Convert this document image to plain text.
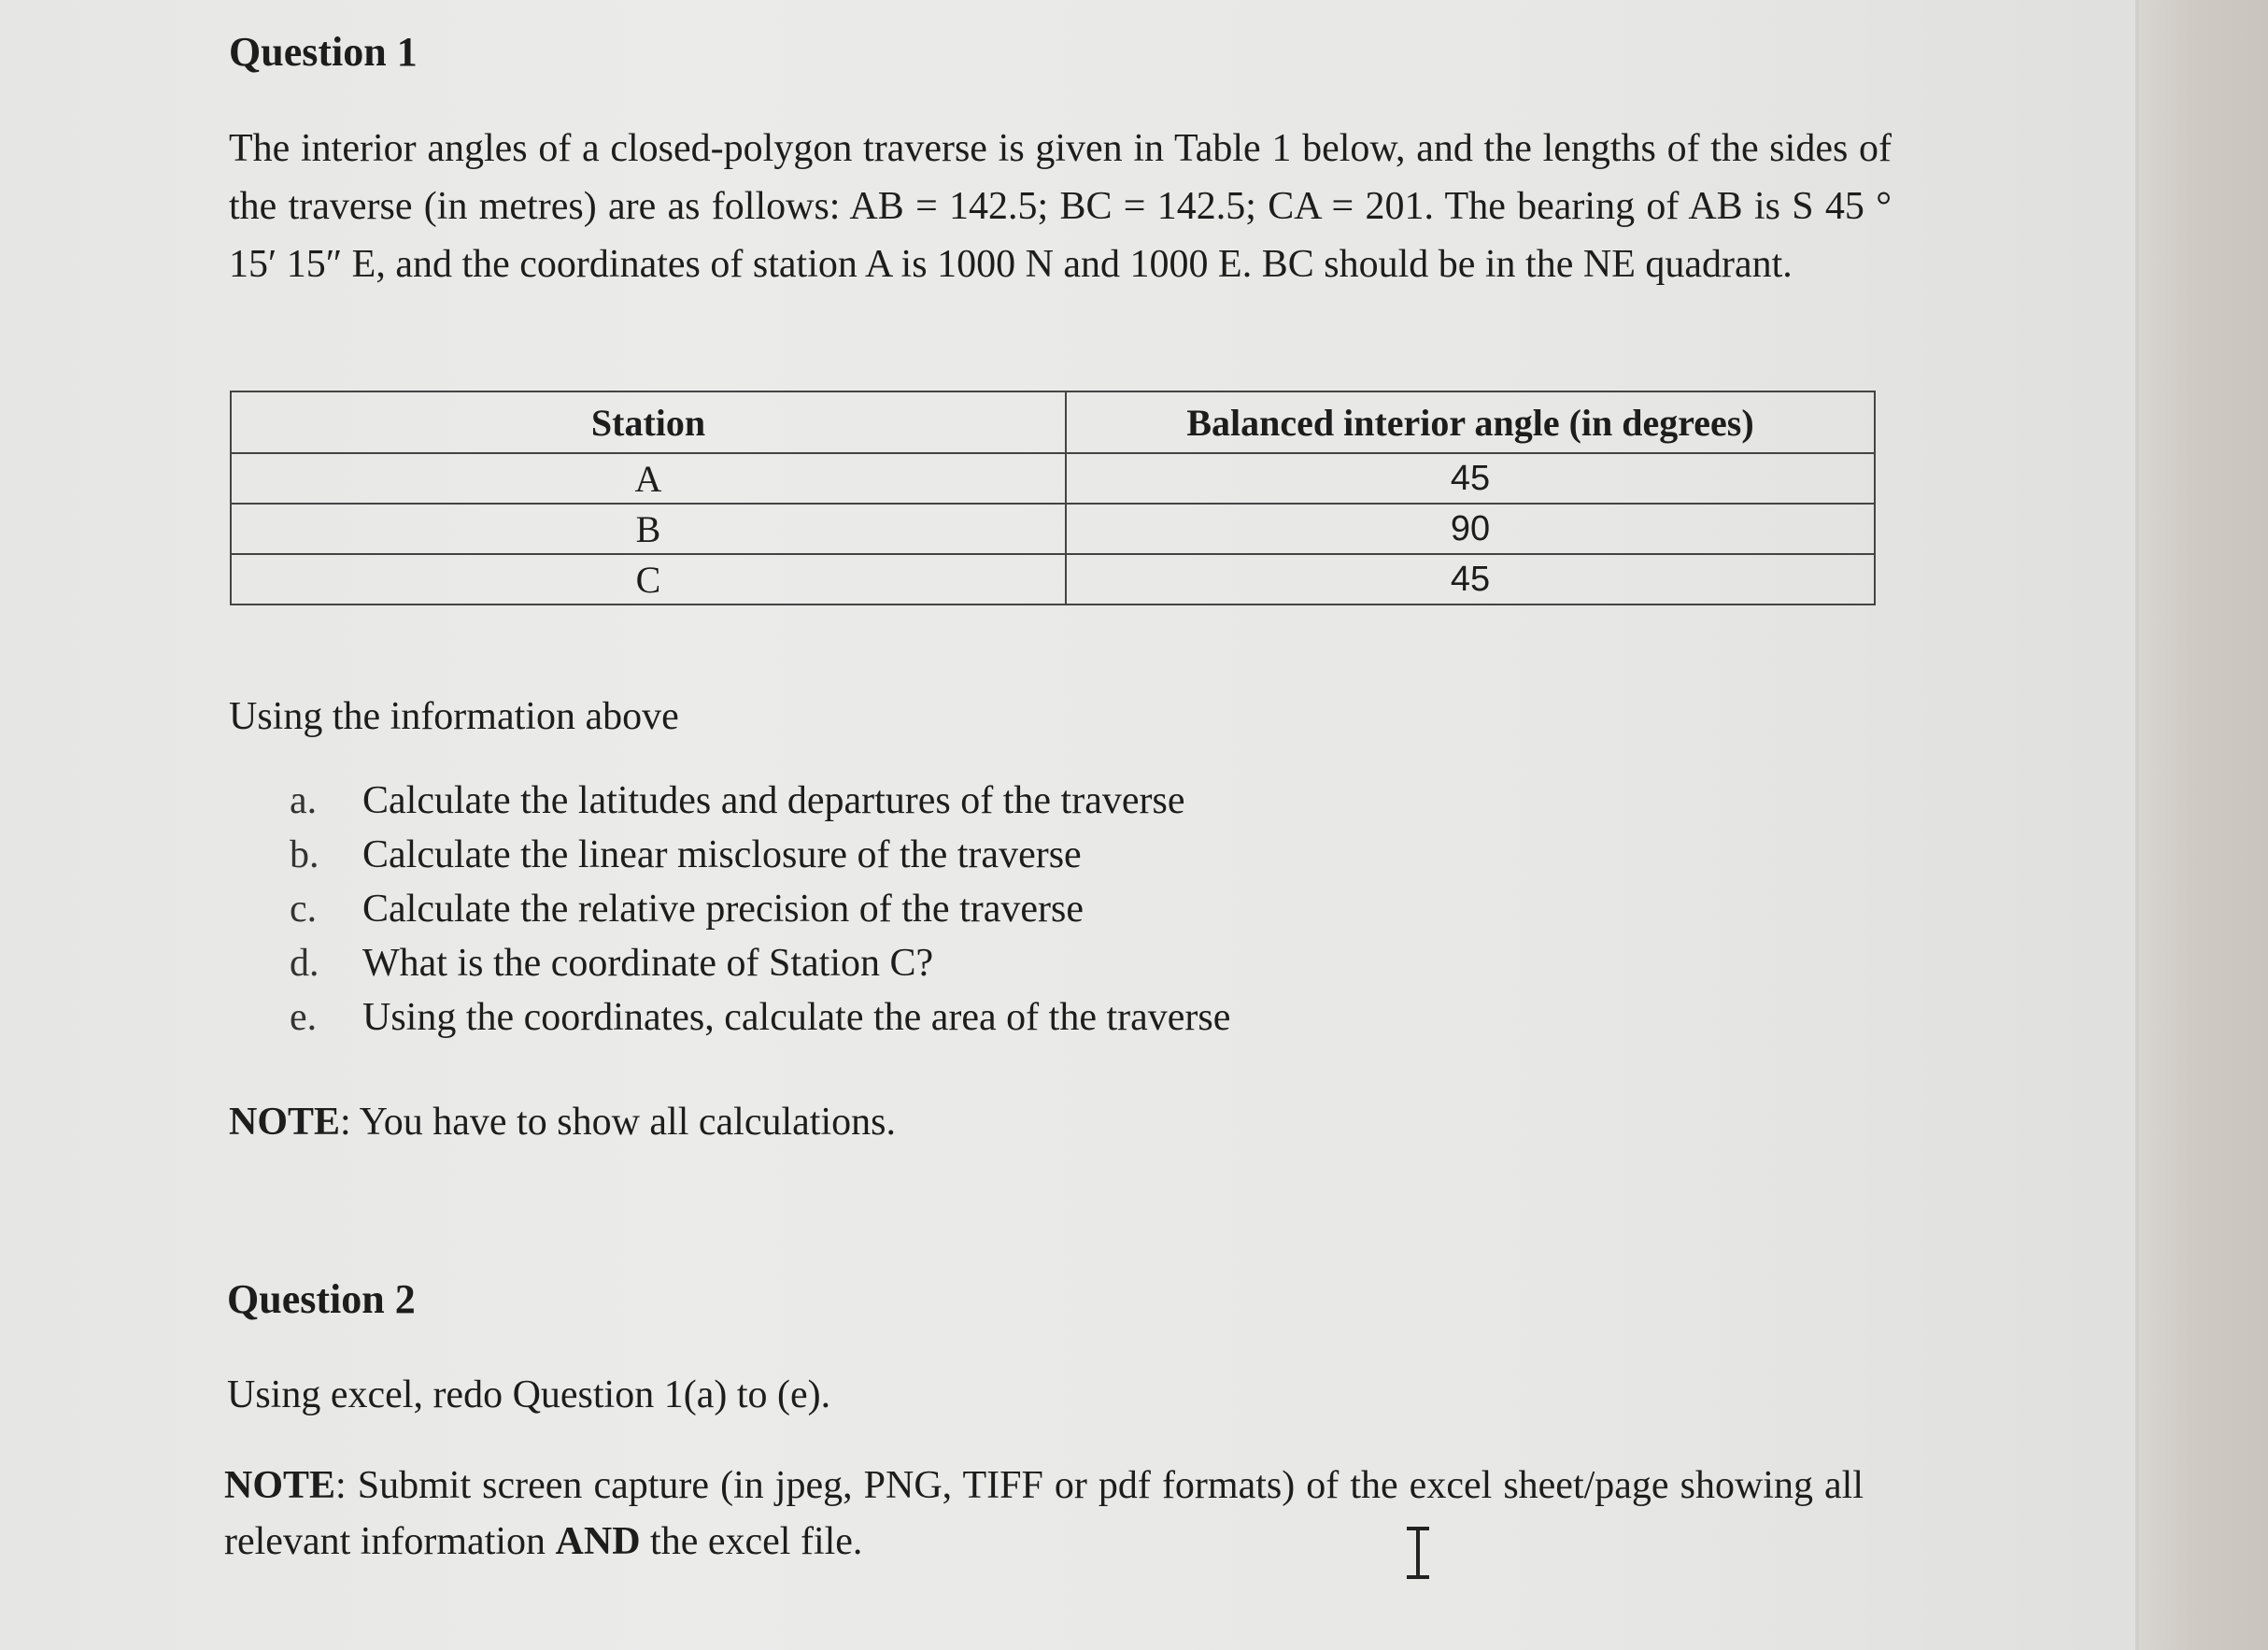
Question 1
The interior angles of a closed-polygon traverse is given in Table 1 below, and the lengths of the sides of the traverse (in metres) are as follows: AB = 142.5; BC = 142.5; CA = 201. The bearing of AB is S 45 ° 15′ 15″ E, and the coordinates of station A is 1000 N and 1000 E. BC should be in the NE quadrant.
Station	Balanced interior angle (in degrees)
A	45
B	90
C	45
Using the information above
a.	Calculate the latitudes and departures of the traverse
b.	Calculate the linear misclosure of the traverse
c.	Calculate the relative precision of the traverse
d.	What is the coordinate of Station C?
e.	Using the coordinates, calculate the area of the traverse
NOTE: You have to show all calculations.
Question 2
Using excel, redo Question 1(a) to (e).
NOTE: Submit screen capture (in jpeg, PNG, TIFF or pdf formats) of the excel sheet/page showing all relevant information AND the excel file.
